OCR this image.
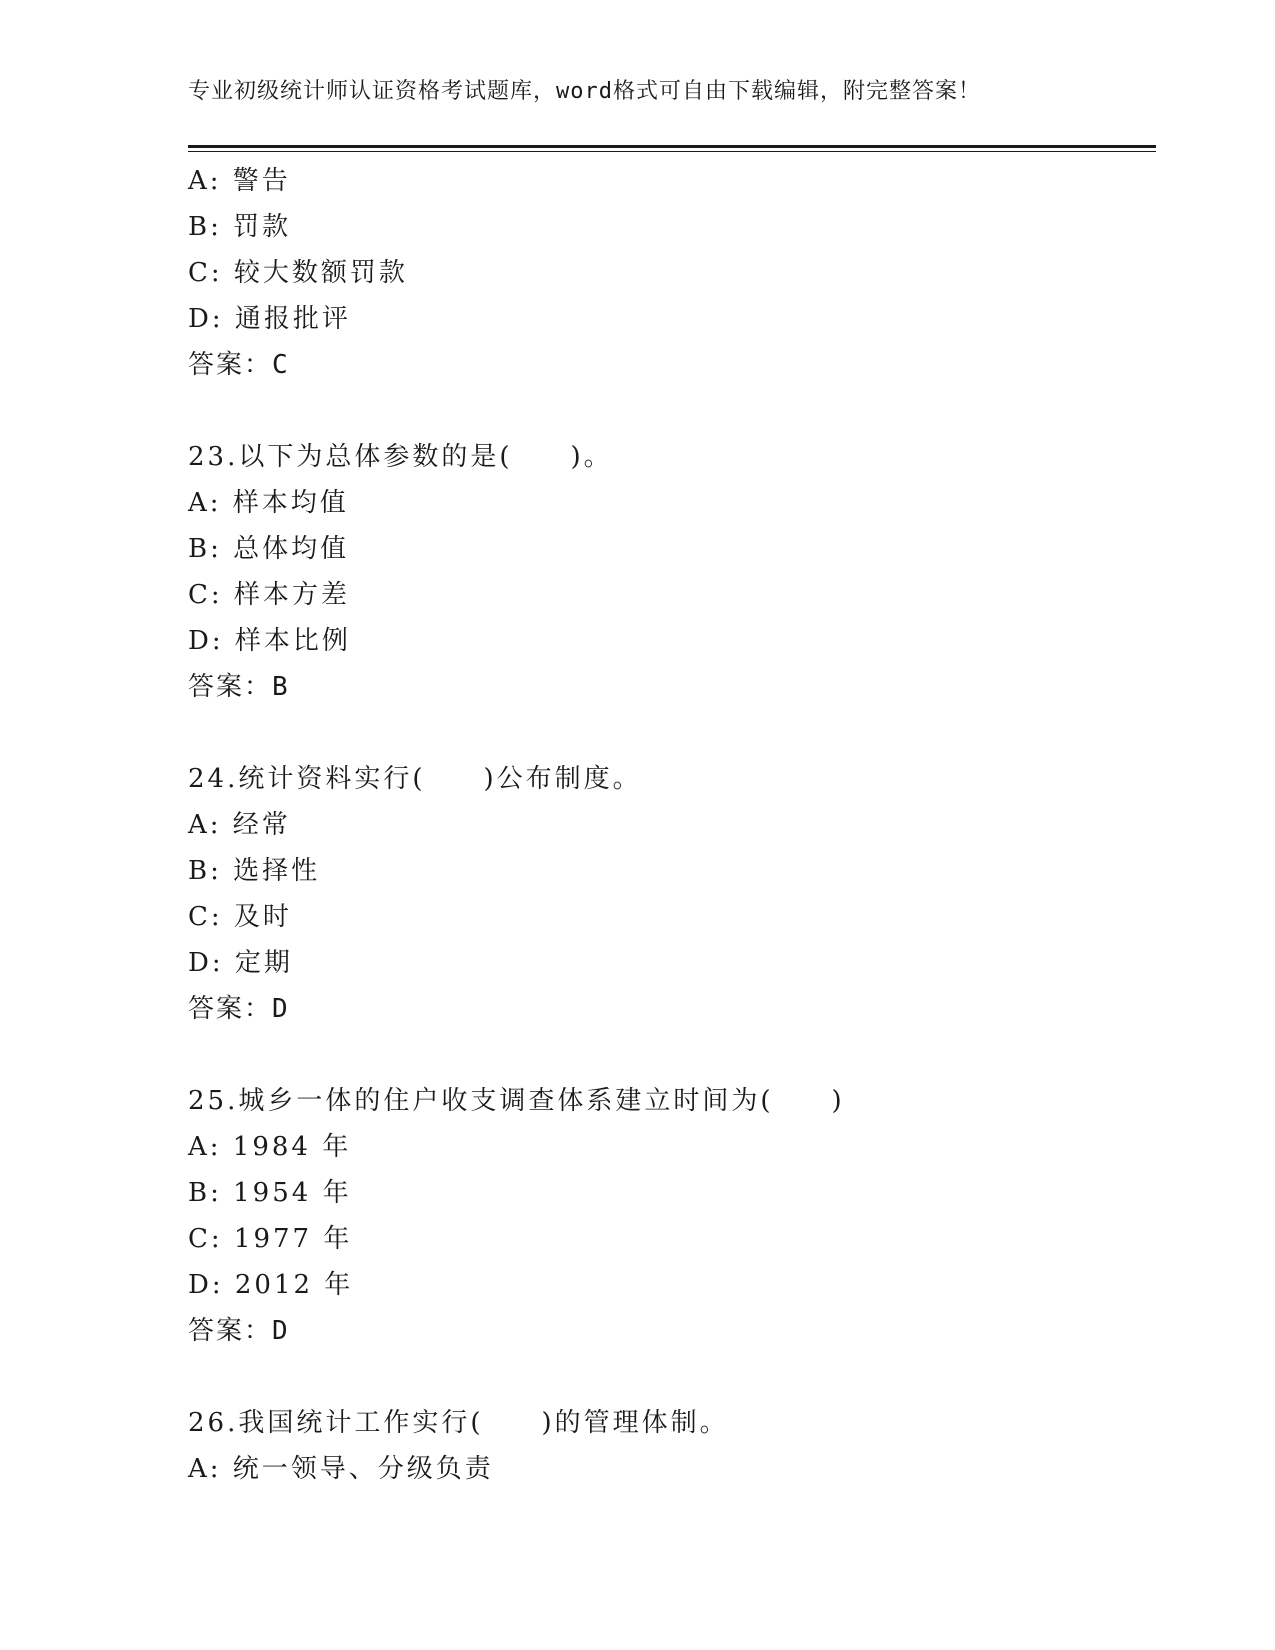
专业初级统计师认证资格考试题库，word格式可自由下载编辑，附完整答案！
A: 警告
B: 罚款
C: 较大数额罚款
D: 通报批评
答案：C
23.以下为总体参数的是(　　)。
A: 样本均值
B: 总体均值
C: 样本方差
D: 样本比例
答案：B
24.统计资料实行(　　)公布制度。
A: 经常
B: 选择性
C: 及时
D: 定期
答案：D
25.城乡一体的住户收支调查体系建立时间为(　　)
A: 1984 年
B: 1954 年
C: 1977 年
D: 2012 年
答案：D
26.我国统计工作实行(　　)的管理体制。
A: 统一领导、分级负责
